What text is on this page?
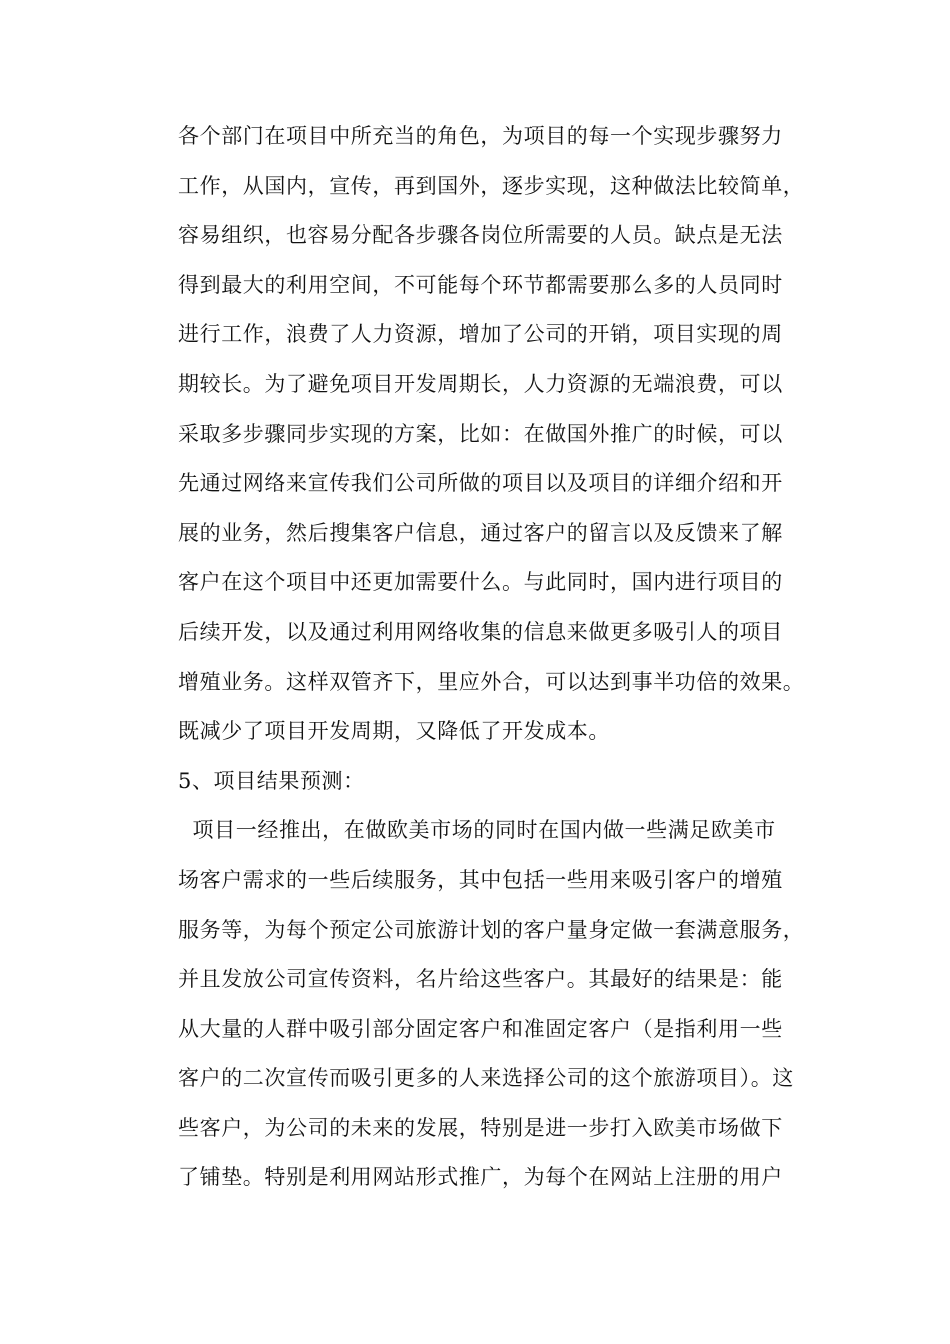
各个部门在项目中所充当的角色，为项目的每一个实现步骤努力
工作，从国内，宣传，再到国外，逐步实现，这种做法比较简单，
容易组织，也容易分配各步骤各岗位所需要的人员。缺点是无法
得到最大的利用空间，不可能每个环节都需要那么多的人员同时
进行工作，浪费了人力资源，增加了公司的开销，项目实现的周
期较长。为了避免项目开发周期长，人力资源的无端浪费，可以
采取多步骤同步实现的方案，比如：在做国外推广的时候，可以
先通过网络来宣传我们公司所做的项目以及项目的详细介绍和开
展的业务，然后搜集客户信息，通过客户的留言以及反馈来了解
客户在这个项目中还更加需要什么。与此同时，国内进行项目的
后续开发，以及通过利用网络收集的信息来做更多吸引人的项目
增殖业务。这样双管齐下，里应外合，可以达到事半功倍的效果。
既减少了项目开发周期，又降低了开发成本。
5、项目结果预测：
项目一经推出，在做欧美市场的同时在国内做一些满足欧美市
场客户需求的一些后续服务，其中包括一些用来吸引客户的增殖
服务等，为每个预定公司旅游计划的客户量身定做一套满意服务，
并且发放公司宣传资料，名片给这些客户。其最好的结果是：能
从大量的人群中吸引部分固定客户和准固定客户（是指利用一些
客户的二次宣传而吸引更多的人来选择公司的这个旅游项目）。这
些客户，为公司的未来的发展，特别是进一步打入欧美市场做下
了铺垫。特别是利用网站形式推广，为每个在网站上注册的用户
